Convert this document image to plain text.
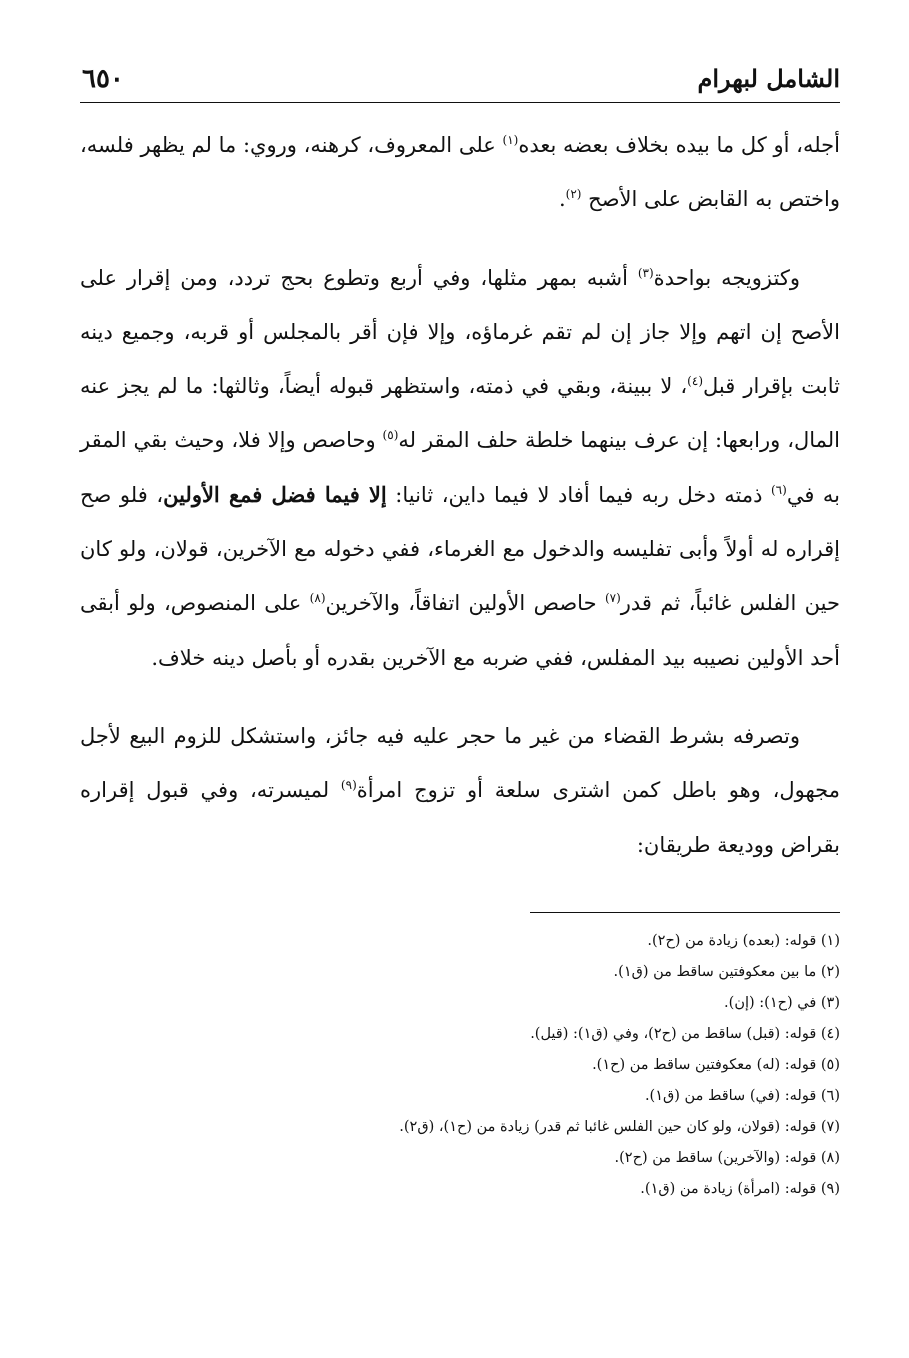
الشامل لبهرام
٦٥٠

أجله، أو كل ما بيده بخلاف بعضه بعده$^{(١)}$ على المعروف، كرهنه، وروي: ما لم يظهر فلسه، واختص به القابض على الأصح $^{(٢)}$.

وكتزويجه بواحدة$^{(٣)}$ أشبه بمهر مثلها، وفي أربع وتطوع بحج تردد، ومن إقرار على الأصح إن اتهم وإلا جاز إن لم تقم غرماؤه، وإلا فإن أقر بالمجلس أو قربه، وجميع دينه ثابت بإقرار قبل$^{(٤)}$، لا ببينة، وبقي في ذمته، واستظهر قبوله أيضاً، وثالثها: ما لم يجز عنه المال، ورابعها: إن عرف بينهما خلطة حلف المقر له$^{(٥)}$ وحاصص وإلا فلا، وحيث بقي المقر به في$^{(٦)}$ ذمته دخل ربه فيما أفاد لا فيما داين، ثانيا: إلا فيما فضل فمع الأولين، فلو صح إقراره له أولاً وأبى تفليسه والدخول مع الغرماء، ففي دخوله مع الآخرين، قولان، ولو كان حين الفلس غائباً، ثم قدر$^{(٧)}$ حاصص الأولين اتفاقاً، والآخرين$^{(٨)}$ على المنصوص، ولو أبقى أحد الأولين نصيبه بيد المفلس، ففي ضربه مع الآخرين بقدره أو بأصل دينه خلاف.

وتصرفه بشرط القضاء من غير ما حجر عليه فيه جائز، واستشكل للزوم البيع لأجل مجهول، وهو باطل كمن اشترى سلعة أو تزوج امرأة$^{(٩)}$ لميسرته، وفي قبول إقراره بقراض ووديعة طريقان:

(١) قوله: (بعده) زيادة من (ح٢).
(٢) ما بين معكوفتين ساقط من (ق١).
(٣) في (ح١): (إن).
(٤) قوله: (قبل) ساقط من (ح٢)، وفي (ق١): (قيل).
(٥) قوله: (له) معكوفتين ساقط من (ح١).
(٦) قوله: (في) ساقط من (ق١).
(٧) قوله: (قولان، ولو كان حين الفلس غائبا ثم قدر) زيادة من (ح١)، (ق٢).
(٨) قوله: (والآخرين) ساقط من (ح٢).
(٩) قوله: (امرأة) زيادة من (ق١).
